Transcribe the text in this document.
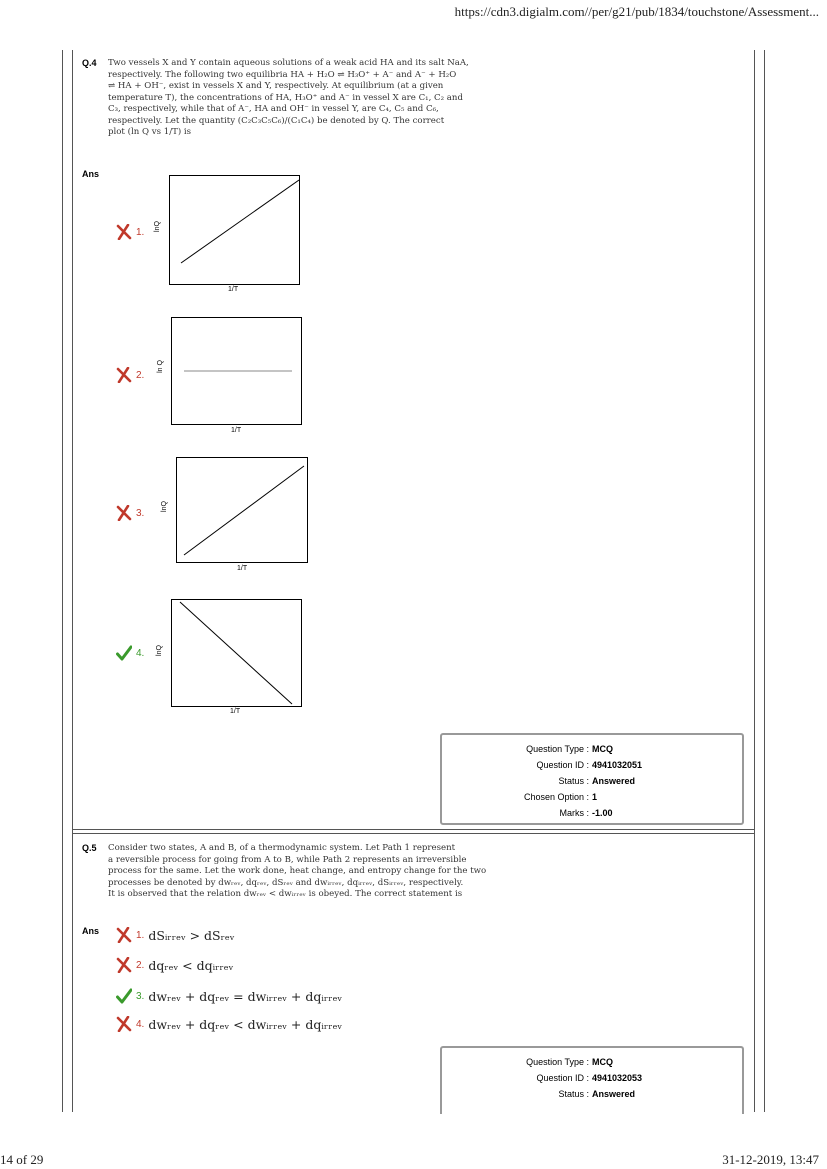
https://cdn3.digialm.com//per/g21/pub/1834/touchstone/Assessment...
14 of 29	31-12-2019, 13:47
Q.4 Two vessels X and Y contain aqueous solutions of a weak acid HA and its salt NaA,

respectively. The following two equilibria HA + H₂O ⇌ H₃O⁺ + A⁻ and A⁻ + H₂O

⇌ HA + OH⁻, exist in vessels X and Y, respectively. At equilibrium (at a given

temperature T), the concentrations of HA, H₃O⁺ and A⁻ in vessel X are C₁, C₂ and

C₃, respectively, while that of A⁻, HA and OH⁻ in vessel Y, are C₄, C₅ and C₆,

respectively. Let the quantity (C₂C₃C₅C₆)/(C₁C₄) be denoted by Q. The correct

plot (ln Q vs 1/T) is

Ans
1. lnQ
1/T
2.
ln Q
1/T
3.
lnQ
1/T
4. lnQ
1/T
Question Type : MCQ
Question ID : 4941032051
Status : Answered
Chosen Option : 1
Marks : -1.00
Q.5 Consider two states, A and B, of a thermodynamic system. Let Path 1 represent

a reversible process for going from A to B, while Path 2 represents an irreversible

process for the same. Let the work done, heat change, and entropy change for the two

processes be denoted by dwᵣₑᵥ, dqᵣₑᵥ, dSᵣₑᵥ and dwᵢᵣᵣₑᵥ, dqᵢᵣᵣₑᵥ, dSᵢᵣᵣₑᵥ, respectively.

It is observed that the relation dwᵣₑᵥ < dwᵢᵣᵣₑᵥ is obeyed. The correct statement is

Ans	1. dSᵢᵣᵣₑᵥ > dSᵣₑᵥ
2. dqᵣₑᵥ < dqᵢᵣᵣₑᵥ
3. dwᵣₑᵥ + dqᵣₑᵥ = dwᵢᵣᵣₑᵥ + dqᵢᵣᵣₑᵥ
4. dwᵣₑᵥ + dqᵣₑᵥ < dwᵢᵣᵣₑᵥ + dqᵢᵣᵣₑᵥ
Question Type : MCQ
Question ID : 4941032053
Status : Answered
